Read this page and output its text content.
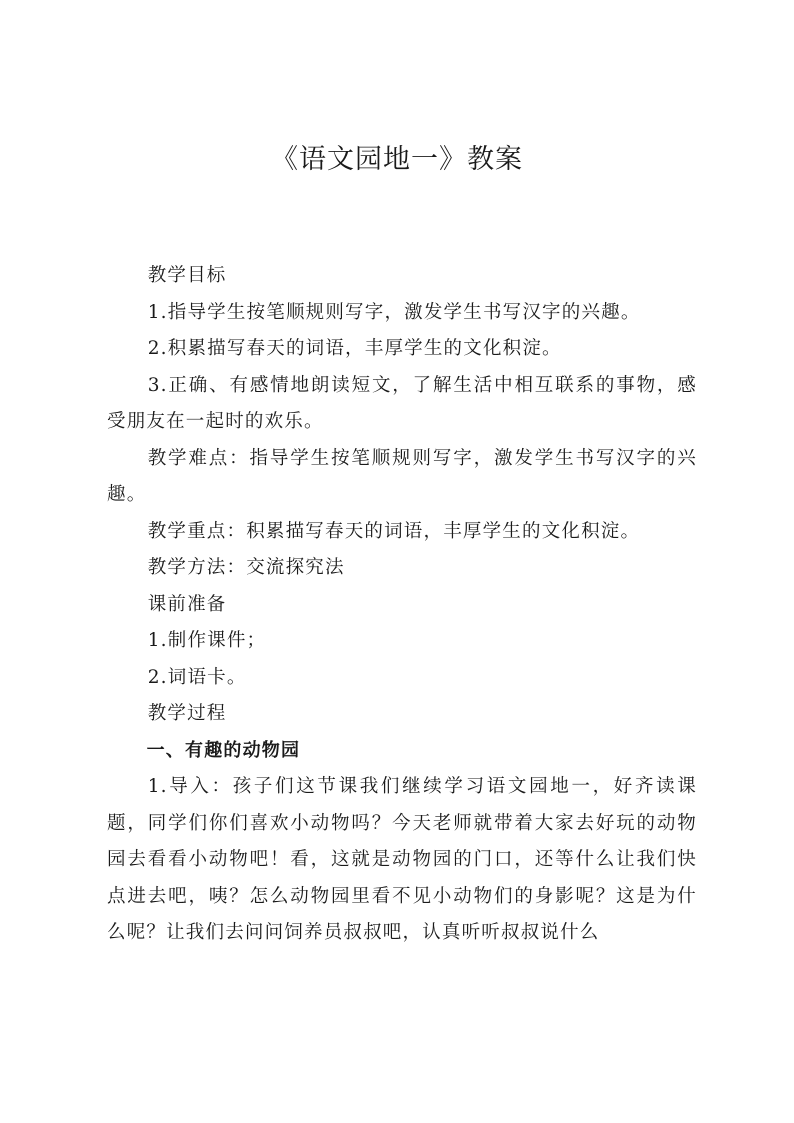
《语文园地一》教案

教学目标

1.指导学生按笔顺规则写字，激发学生书写汉字的兴趣。

2.积累描写春天的词语，丰厚学生的文化积淀。

3.正确、有感情地朗读短文，了解生活中相互联系的事物，感受朋友在一起时的欢乐。

教学难点：指导学生按笔顺规则写字，激发学生书写汉字的兴趣。

教学重点：积累描写春天的词语，丰厚学生的文化积淀。

教学方法：交流探究法

课前准备

1.制作课件；

2.词语卡。

教学过程

一、有趣的动物园

1.导入：孩子们这节课我们继续学习语文园地一，好齐读课题，同学们你们喜欢小动物吗？今天老师就带着大家去好玩的动物园去看看小动物吧！看，这就是动物园的门口，还等什么让我们快点进去吧，咦？怎么动物园里看不见小动物们的身影呢？这是为什么呢？让我们去问问饲养员叔叔吧，认真听听叔叔说什么
